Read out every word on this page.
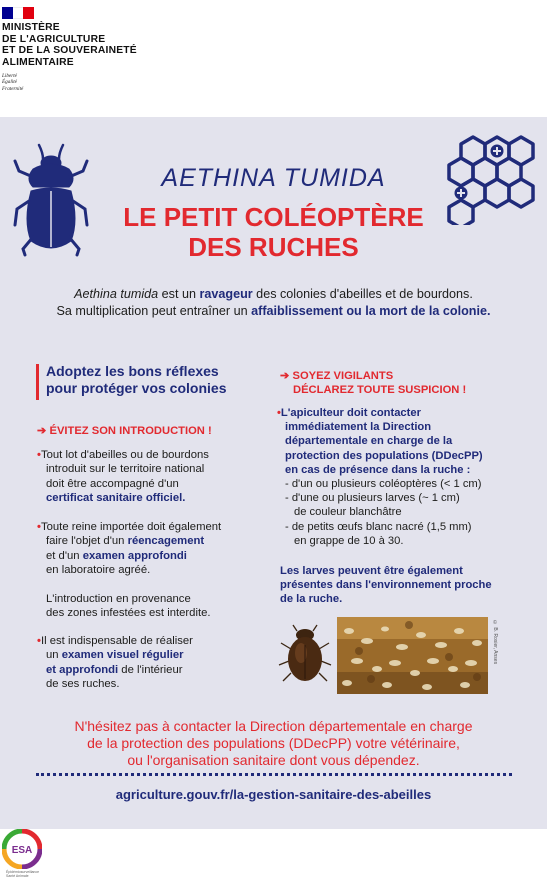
MINISTÈRE
DE L'AGRICULTURE
ET DE LA SOUVERAINETÉ
ALIMENTAIRE
Liberté
Égalité
Fraternité
AETHINA TUMIDA
LE PETIT COLÉOPTÈRE
DES RUCHES
Aethina tumida est un ravageur des colonies d'abeilles et de bourdons.
Sa multiplication peut entraîner un affaiblissement ou la mort de la colonie.
Adoptez les bons réflexes
pour protéger vos colonies
➔ ÉVITEZ SON INTRODUCTION !
•Tout lot d'abeilles ou de bourdons
introduit sur le territoire national
doit être accompagné d'un
certificat sanitaire officiel.
•Toute reine importée doit également
faire l'objet d'un réencagement
et d'un examen approfondi
en laboratoire agréé.
L'introduction en provenance
des zones infestées est interdite.
•Il est indispensable de réaliser
un examen visuel régulier
et approfondi de l'intérieur
de ses ruches.
➔ SOYEZ VIGILANTS
DÉCLAREZ TOUTE SUSPICION !
•L'apiculteur doit contacter
immédiatement la Direction
départementale en charge de la
protection des populations (DDecPP)
en cas de présence dans la ruche :
- d'un ou plusieurs coléoptères (< 1 cm)
- d'une ou plusieurs larves (~ 1 cm)
de couleur blanchâtre
- de petits œufs blanc nacré (1,5 mm)
en grappe de 10 à 30.
Les larves peuvent être également
présentes dans l'environnement proche
de la ruche.
© B. Rosier, Anses
N'hésitez pas à contacter la Direction départementale en charge
de la protection des populations (DDecPP) votre vétérinaire,
ou l'organisation sanitaire dont vous dépendez.
agriculture.gouv.fr/la-gestion-sanitaire-des-abeilles
ESA
Épidémiosurveillance
Santé Animale
